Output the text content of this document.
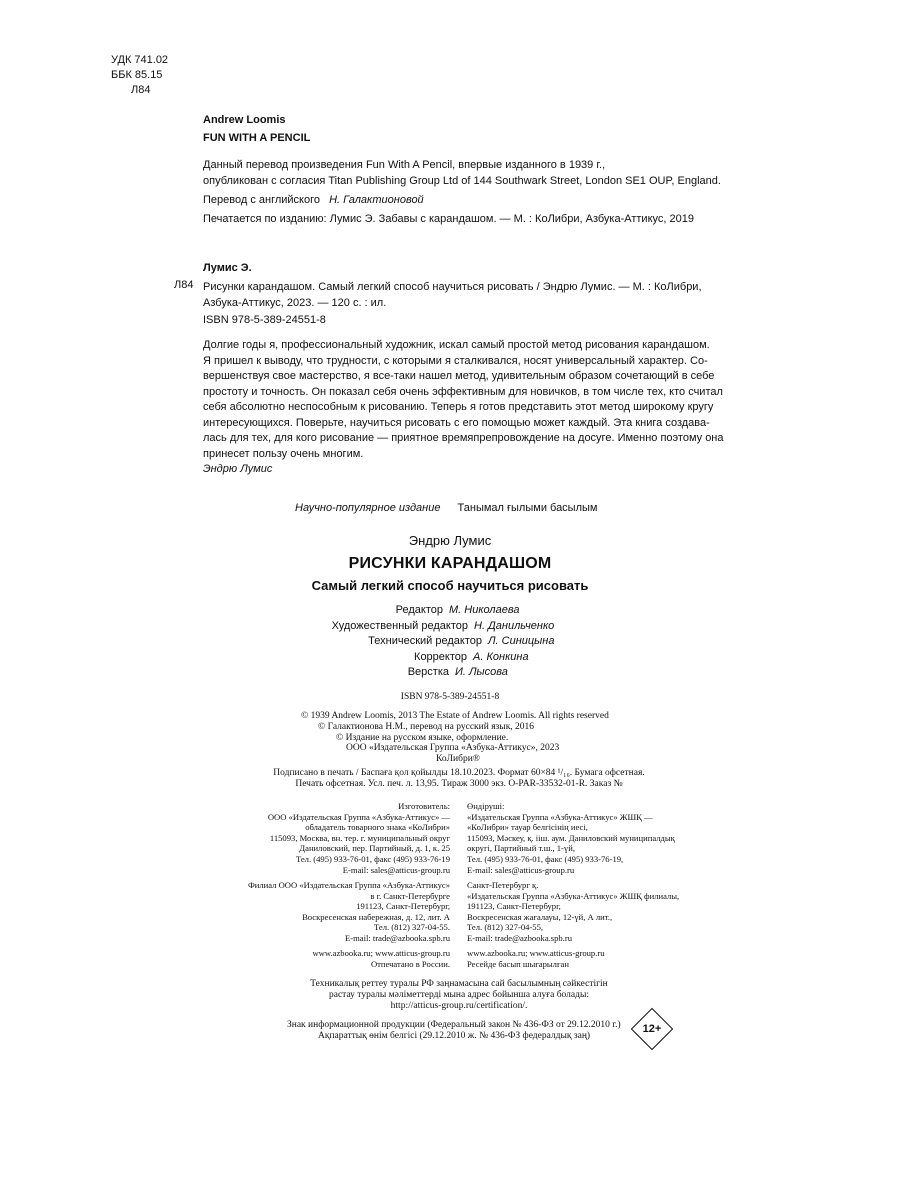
УДК 741.02
ББК 85.15
Л84
Andrew Loomis
FUN WITH A PENCIL
Данный перевод произведения Fun With A Pencil, впервые изданного в 1939 г.,
опубликован с согласия Titan Publishing Group Ltd of 144 Southwark Street, London SE1 OUP, England.
Перевод с английского Н. Галактионовой
Печатается по изданию: Лумис Э. Забавы с карандашом. — М. : КоЛибри, Азбука-Аттикус, 2019
Лумис Э.
Л84 Рисунки карандашом. Самый легкий способ научиться рисовать / Эндрю Лумис. — М. : КоЛибри,
Азбука-Аттикус, 2023. — 120 с. : ил.
ISBN 978-5-389-24551-8

Долгие годы я, профессиональный художник, искал самый простой метод рисования карандашом.

Я пришел к выводу, что трудности, с которыми я сталкивался, носят универсальный характер. Со-

вершенствуя свое мастерство, я все-таки нашел метод, удивительным образом сочетающий в себе

простоту и точность. Он показал себя очень эффективным для новичков, в том числе тех, кто считал

себя абсолютно неспособным к рисованию. Теперь я готов представить этот метод широкому кругу

интересующихся. Поверьте, научиться рисовать с его помощью может каждый. Эта книга создава-

лась для тех, для кого рисование — приятное времяпрепровождение на досуге. Именно поэтому она

принесет пользу очень многим.

Эндрю Лумис

Научно-популярное издание Танымал ғылыми басылым
Эндрю Лумис
РИСУНКИ КАРАНДАШОМ
Самый легкий способ научиться рисовать
Редактор М. Николаева
Художественный редактор Н. Данильченко
Технический редактор Л. Синицына
Корректор А. Конкина
Верстка И. Лысова
ISBN 978-5-389-24551-8
© 1939 Andrew Loomis, 2013 The Estate of Andrew Loomis. All rights reserved
© Галактионова Н.М., перевод на русский язык, 2016
© Издание на русском языке, оформление.
ООО «Издательская Группа «Азбука-Аттикус», 2023
КоЛибри®
Подписано в печать / Баспаға қол қойылды 18.10.2023. Формат 60×84 ¹/₁₆. Бумага офсетная.
Печать офсетная. Усл. печ. л. 13,95. Тираж 3000 экз. O-PAR-33532-01-R. Заказ №
Изготовитель:
ООО «Издательская Группа «Азбука-Аттикус» —
обладатель товарного знака «КоЛибри»
115093, Москва, вн. тер. г. муниципальный округ
Даниловский, пер. Партийный, д. 1, к. 25
Тел. (495) 933-76-01, факс (495) 933-76-19
E-mail: sales@atticus-group.ru
Өндіруші:
«Издательская Группа «Азбука-Аттикус» ЖШҚ —
«КоЛибри» тауар белгісінің иесі,
115093, Мәскеу, қ. ііш. аум. Даниловский муниципалдық
округі, Партийный т.ш., 1-үй,
Тел. (495) 933-76-01, факс (495) 933-76-19,
E-mail: sales@atticus-group.ru
Филиал ООО «Издательская Группа «Азбука-Аттикус»
в г. Санкт-Петербурге
191123, Санкт-Петербург,
Воскресенская набережная, д. 12, лит. А
Тел. (812) 327-04-55.
E-mail: trade@azbooka.spb.ru
Санкт-Петербург қ.
«Издательская Группа «Азбука-Аттикус» ЖШҚ филиалы,
191123, Санкт-Петербург,
Воскресенская жағалауы, 12-үй, А лит.,
Тел. (812) 327-04-55,
E-mail: trade@azbooka.spb.ru
www.azbooka.ru; www.atticus-group.ru
Отпечатано в России.
www.azbooka.ru; www.atticus-group.ru
Ресейде басып шығарылған
Техникалық реттеу туралы РФ заңнамасына сай басылымның сәйкестігін
растау туралы мәліметтерді мына адрес бойынша алуға болады:
http://atticus-group.ru/certification/.
Знак информационной продукции (Федеральный закон № 436-ФЗ от 29.12.2010 г.)
Ақпараттық өнім белгісі (29.12.2010 ж. № 436-ФЗ федералдық заң)
12+
